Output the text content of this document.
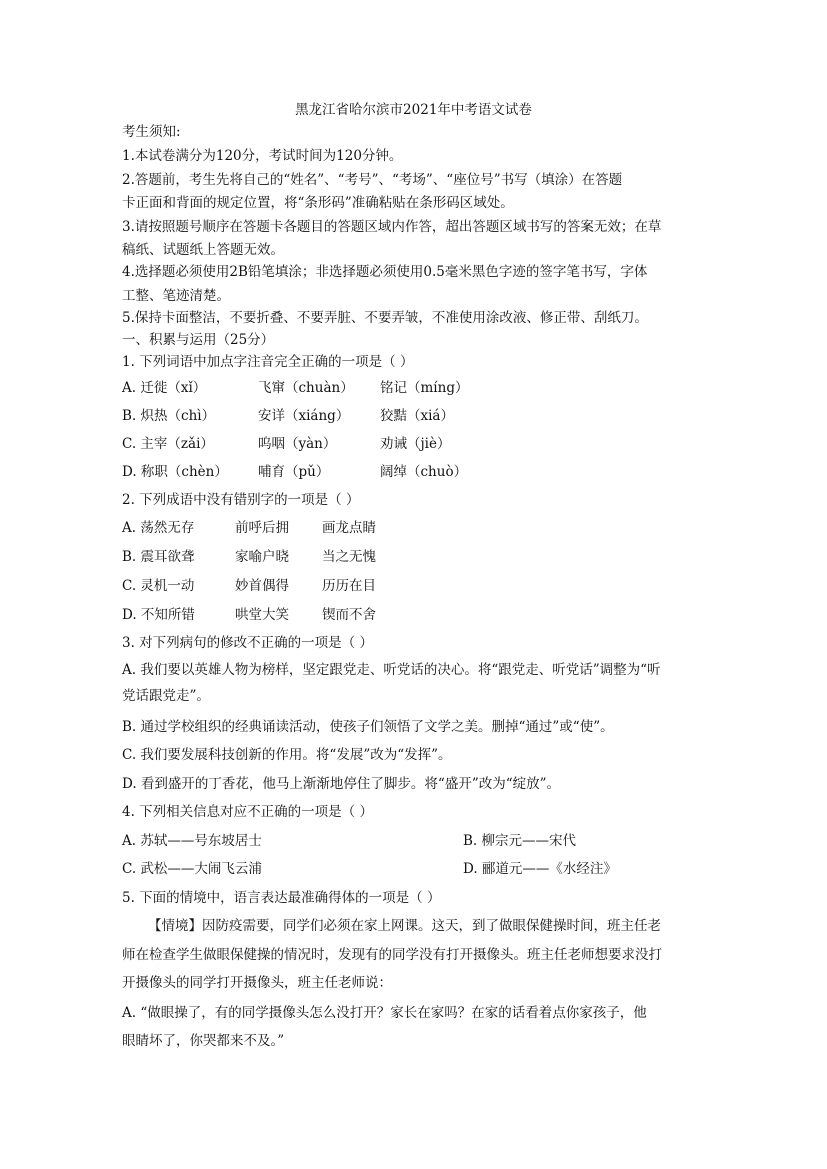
黑龙江省哈尔滨市2021年中考语文试卷
考生须知:
1.本试卷满分为120分，考试时间为120分钟。
2.答题前，考生先将自己的“姓名”、“考号”、“考场”、“座位号”书写（填涂）在答题
卡正面和背面的规定位置，将“条形码”准确粘贴在条形码区域处。
3.请按照题号顺序在答题卡各题目的答题区域内作答，超出答题区域书写的答案无效；在草
稿纸、试题纸上答题无效。
4.选择题必须使用2B铅笔填涂；非选择题必须使用0.5毫米黑色字迹的签字笔书写，字体
工整、笔迹清楚。
5.保持卡面整洁，不要折叠、不要弄脏、不要弄皱，不准使用涂改液、修正带、刮纸刀。
一、积累与运用（25分）
1. 下列词语中加点字注音完全正确的一项是（ ）
A. 迁徙（xǐ）	飞窜（chuàn） 铭记（míng）
B. 炽热（chì）	安详（xiáng） 狡黠（xiá）
C. 主宰（zǎi）	呜咽（yàn）	劝诫（jiè）
D. 称职（chèn） 哺育（pǔ）	阔绰（chuò）
2. 下列成语中没有错别字的一项是（ ）
A. 荡然无存	前呼后拥 画龙点睛
B. 震耳欲聋	家喻户晓 当之无愧
C. 灵机一动	妙首偶得 历历在目
D. 不知所错	哄堂大笑 锲而不舍
3. 对下列病句的修改不正确的一项是（ ）
A. 我们要以英雄人物为榜样，坚定跟党走、听党话的决心。将“跟党走、听党话”调整为“听
党话跟党走”。
B. 通过学校组织的经典诵读活动，使孩子们领悟了文学之美。删掉“通过”或“使”。
C. 我们要发展科技创新的作用。将“发展”改为“发挥”。
D. 看到盛开的丁香花，他马上渐渐地停住了脚步。将“盛开”改为“绽放”。
4. 下列相关信息对应不正确的一项是（ ）
A. 苏轼——号东坡居士	B. 柳宗元——宋代
C. 武松——大闹飞云浦	D. 郦道元——《水经注》
5. 下面的情境中，语言表达最准确得体的一项是（ ）
【情境】因防疫需要，同学们必须在家上网课。这天，到了做眼保健操时间，班主任老
师在检查学生做眼保健操的情况时，发现有的同学没有打开摄像头。班主任老师想要求没打
开摄像头的同学打开摄像头，班主任老师说：
A. “做眼操了，有的同学摄像头怎么没打开？家长在家吗？在家的话看着点你家孩子，他
眼睛坏了，你哭都来不及。”
